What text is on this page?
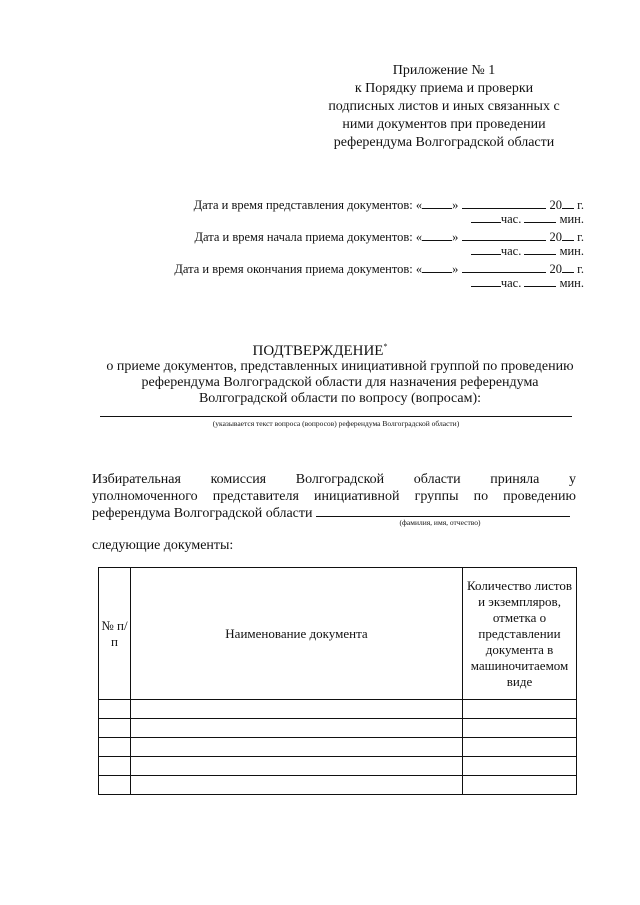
Приложение № 1
к Порядку приема и проверки
подписных листов и иных связанных с
ними документов при проведении
референдума Волгоградской области
Дата и время представления документов: « »	20 г.
час.	мин.
Дата и время начала приема документов: « »	20 г.
час.	мин.
Дата и время окончания приема документов: « »	20 г.
час.	мин.
ПОДТВЕРЖДЕНИЕ*
о приеме документов, представленных инициативной группой по проведению
референдума Волгоградской области для назначения референдума
Волгоградской области по вопросу (вопросам):
(указывается текст вопроса (вопросов) референдума Волгоградской области)
Избирательная комиссия Волгоградской области приняла у
уполномоченного представителя инициативной группы по проведению
референдума Волгоградской области
(фамилия, имя, отчество)
следующие документы:
№ п/п	Наименование документа	Количество листов и экземпляров, отметка о представлении документа в машиночитаемом виде
